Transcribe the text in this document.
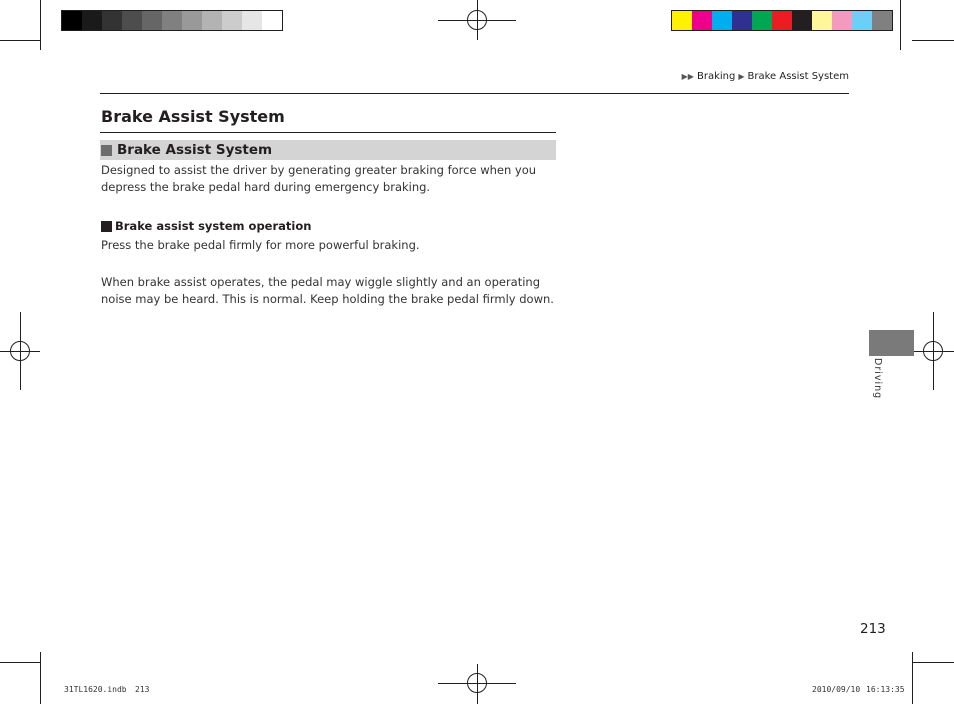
▶▶ Braking ▶ Brake Assist System
Brake Assist System
Brake Assist System
Designed to assist the driver by generating greater braking force when you depress the brake pedal hard during emergency braking.
Brake assist system operation
Press the brake pedal firmly for more powerful braking.
When brake assist operates, the pedal may wiggle slightly and an operating noise may be heard. This is normal. Keep holding the brake pedal firmly down.
Driving
213
31TL1620.indb 213	2010/09/10 16:13:35
